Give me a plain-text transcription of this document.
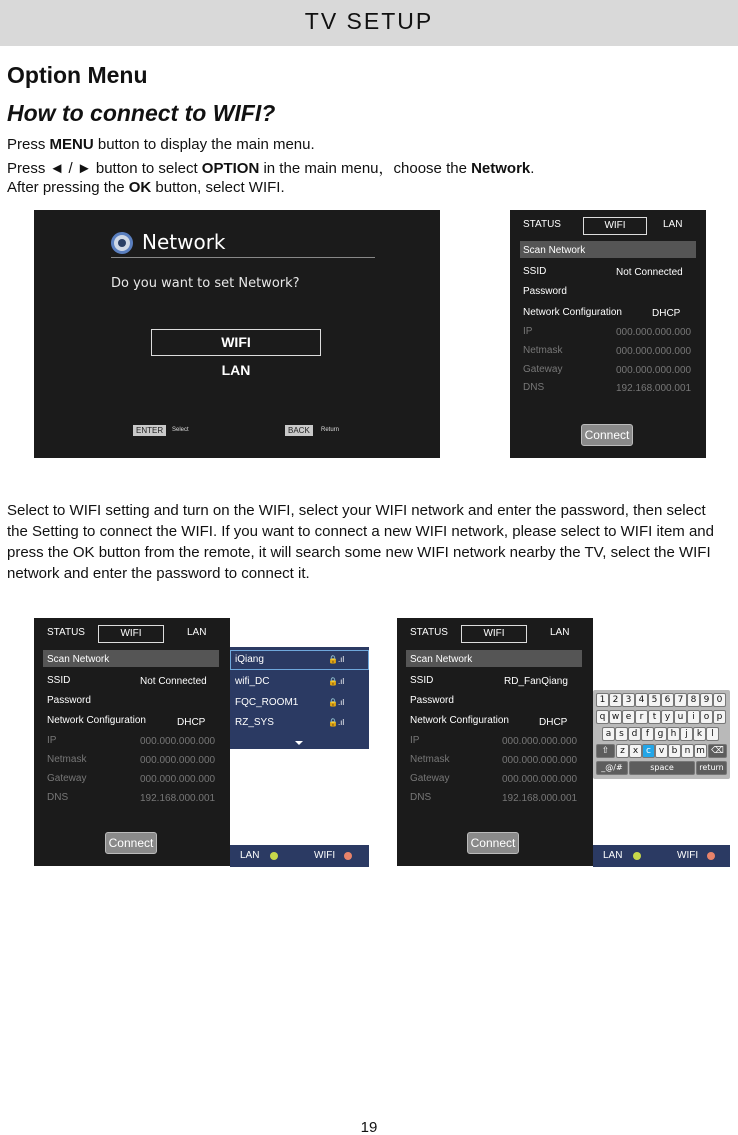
TV SETUP
Option Menu
How to connect to WIFI?
Press MENU button to display the main menu.
Press ◄ / ► button to select OPTION in the main menu，choose the Network.
After pressing the OK button, select WIFI.
Network
Do you want to set Network?
WIFI
LAN
ENTER	Select	BACK	Return
STATUS	WIFI	LAN
Scan Network
SSID	Not Connected
Password
Network Configuration	DHCP
IP	000.000.000.000
Netmask	000.000.000.000
Gateway	000.000.000.000
DNS	192.168.000.001
Connect
Select to WIFI setting and turn on the WIFI, select your WIFI network and enter the password, then select the Setting to connect the WIFI. If you want to connect a new WIFI network, please select to WIFI item and press the OK button from the remote, it will search some new WIFI network nearby the TV, select the WIFI network and enter the password to connect it.
STATUS	WIFI	LAN
Scan Network
SSID	Not Connected
Password
Network Configuration	DHCP
IP	000.000.000.000
Netmask	000.000.000.000
Gateway	000.000.000.000
DNS	192.168.000.001
Connect
iQiang	🔒.ıl
wifi_DC	🔒.ıl
FQC_ROOM1	🔒.ıl
RZ_SYS	🔒.ıl
LAN	WIFI
STATUS	WIFI	LAN
Scan Network
SSID	RD_FanQiang
Password
Network Configuration	DHCP
IP	000.000.000.000
Netmask	000.000.000.000
Gateway	000.000.000.000
DNS	192.168.000.001
Connect
1 2 3 4 5 6 7 8 9 0
q w e r	t y u i o p
a s d f g h j	k	l
⇧	z x c v b n m ⌫
_@/#	space	return
LAN	WIFI
19
